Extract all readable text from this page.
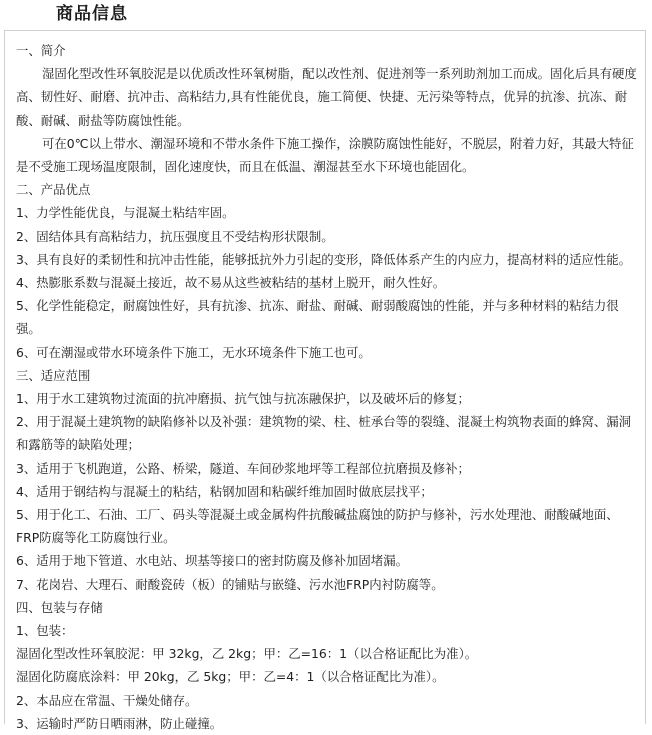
商品信息

一、简介

湿固化型改性环氧胶泥是以优质改性环氧树脂，配以改性剂、促进剂等一系列助剂加工而成。固化后具有硬度高、韧性好、耐磨、抗冲击、高粘结力,具有性能优良，施工简便、快捷、无污染等特点，优异的抗渗、抗冻、耐酸、耐碱、耐盐等防腐蚀性能。

可在0℃以上带水、潮湿环境和不带水条件下施工操作，涂膜防腐蚀性能好，不脱层，附着力好，其最大特征是不受施工现场温度限制，固化速度快，而且在低温、潮湿甚至水下环境也能固化。

二、产品优点

1、力学性能优良，与混凝土粘结牢固。

2、固结体具有高粘结力，抗压强度且不受结构形状限制。

3、具有良好的柔韧性和抗冲击性能，能够抵抗外力引起的变形，降低体系产生的内应力，提高材料的适应性能。

4、热膨胀系数与混凝土接近，故不易从这些被粘结的基材上脱开，耐久性好。

5、化学性能稳定，耐腐蚀性好，具有抗渗、抗冻、耐盐、耐碱、耐弱酸腐蚀的性能，并与多种材料的粘结力很强。

6、可在潮湿或带水环境条件下施工，无水环境条件下施工也可。

三、适应范围

1、用于水工建筑物过流面的抗冲磨损、抗气蚀与抗冻融保护，以及破坏后的修复；

2、用于混凝土建筑物的缺陷修补以及补强：建筑物的梁、柱、桩承台等的裂缝、混凝土构筑物表面的蜂窝、漏洞和露筋等的缺陷处理；

3、适用于飞机跑道，公路、桥梁，隧道、车间砂浆地坪等工程部位抗磨损及修补；

4、适用于钢结构与混凝土的粘结，粘钢加固和粘碳纤维加固时做底层找平；

5、用于化工、石油、工厂、码头等混凝土或金属构件抗酸碱盐腐蚀的防护与修补，污水处理池、耐酸碱地面、FRP防腐等化工防腐蚀行业。

6、适用于地下管道、水电站、坝基等接口的密封防腐及修补加固堵漏。

7、花岗岩、大理石、耐酸瓷砖（板）的铺贴与嵌缝、污水池FRP内衬防腐等。

四、包装与存储

1、包装：

湿固化型改性环氧胶泥：甲 32kg，乙 2kg；甲：乙=16：1（以合格证配比为准）。

湿固化防腐底涂料：甲 20kg，乙 5kg；甲：乙=4：1（以合格证配比为准）。

2、本品应在常温、干燥处储存。

3、运输时严防日晒雨淋，防止碰撞。
